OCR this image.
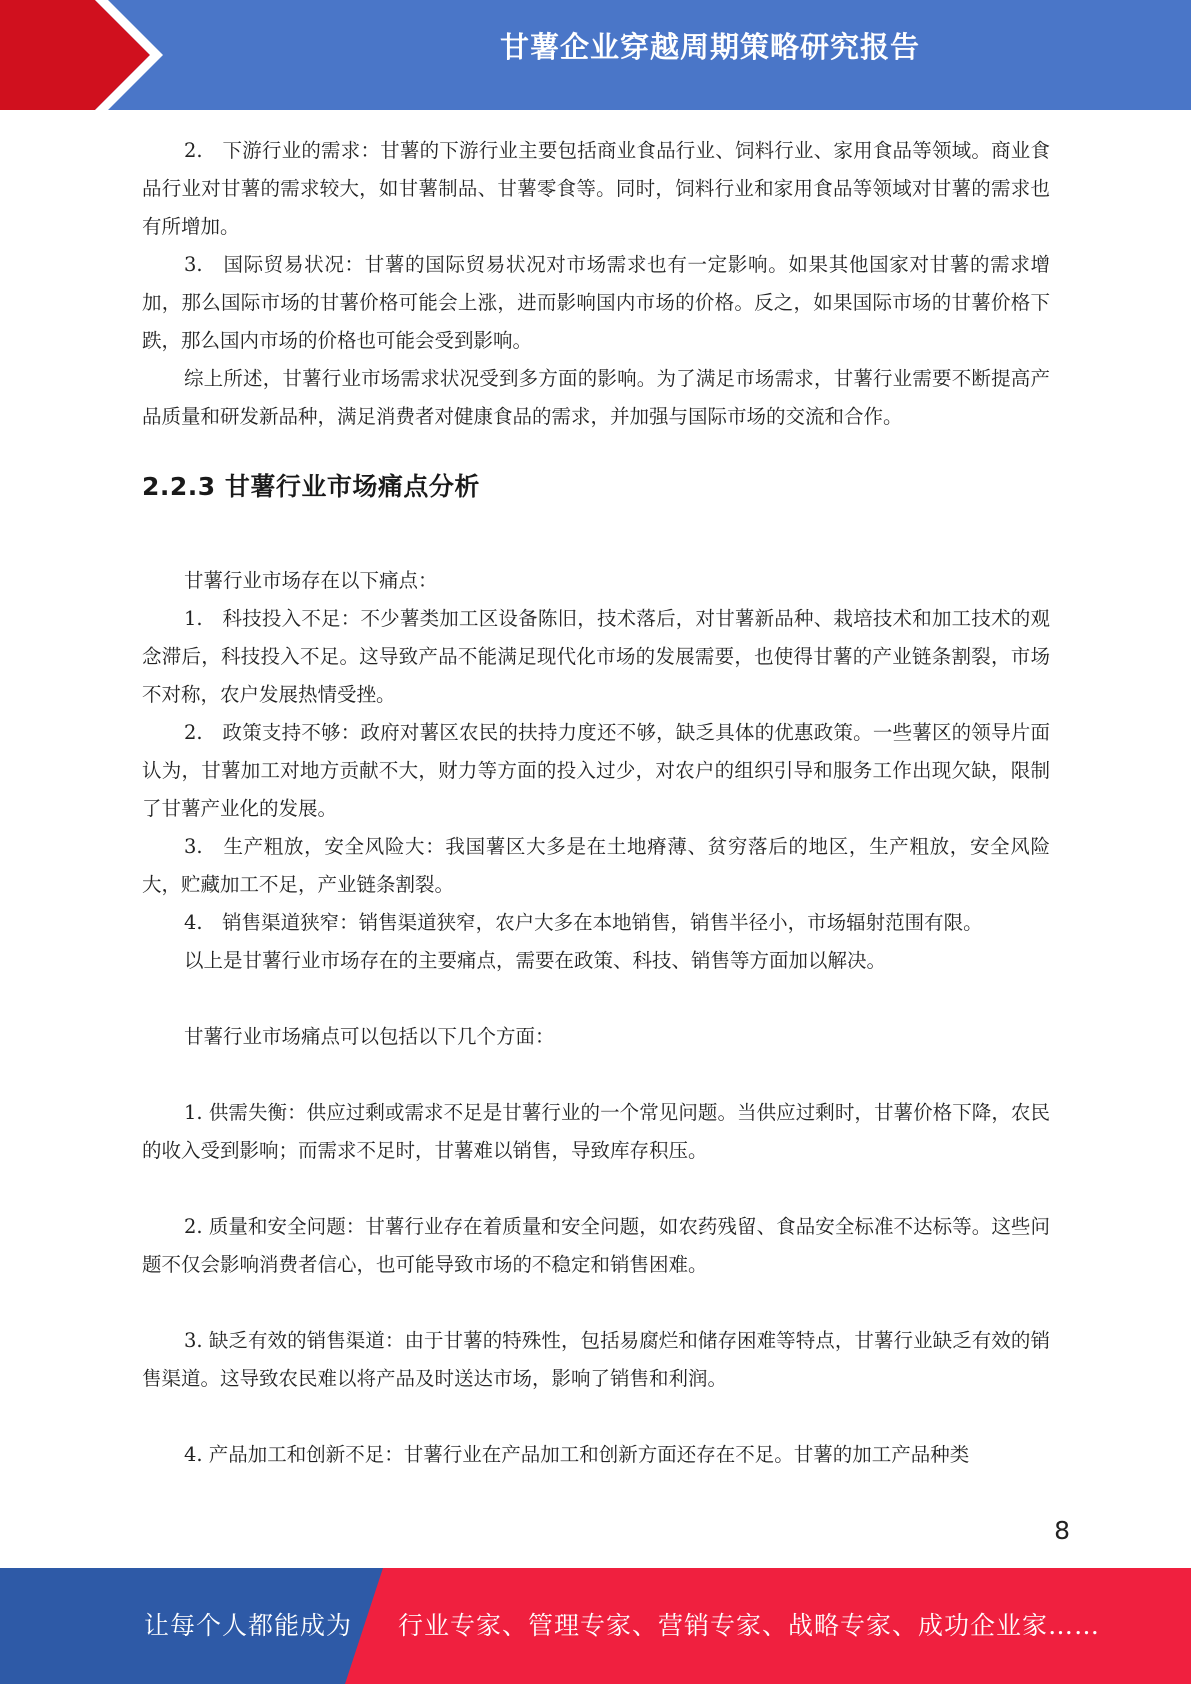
甘薯企业穿越周期策略研究报告

2.　下游行业的需求：甘薯的下游行业主要包括商业食品行业、饲料行业、家用食品等领域。商业食品行业对甘薯的需求较大，如甘薯制品、甘薯零食等。同时，饲料行业和家用食品等领域对甘薯的需求也有所增加。

3.　国际贸易状况：甘薯的国际贸易状况对市场需求也有一定影响。如果其他国家对甘薯的需求增加，那么国际市场的甘薯价格可能会上涨，进而影响国内市场的价格。反之，如果国际市场的甘薯价格下跌，那么国内市场的价格也可能会受到影响。

综上所述，甘薯行业市场需求状况受到多方面的影响。为了满足市场需求，甘薯行业需要不断提高产品质量和研发新品种，满足消费者对健康食品的需求，并加强与国际市场的交流和合作。

2.2.3 甘薯行业市场痛点分析

甘薯行业市场存在以下痛点：

1.　科技投入不足：不少薯类加工区设备陈旧，技术落后，对甘薯新品种、栽培技术和加工技术的观念滞后，科技投入不足。这导致产品不能满足现代化市场的发展需要，也使得甘薯的产业链条割裂，市场不对称，农户发展热情受挫。

2.　政策支持不够：政府对薯区农民的扶持力度还不够，缺乏具体的优惠政策。一些薯区的领导片面认为，甘薯加工对地方贡献不大，财力等方面的投入过少，对农户的组织引导和服务工作出现欠缺，限制了甘薯产业化的发展。

3.　生产粗放，安全风险大：我国薯区大多是在土地瘠薄、贫穷落后的地区，生产粗放，安全风险大，贮藏加工不足，产业链条割裂。

4.　销售渠道狭窄：销售渠道狭窄，农户大多在本地销售，销售半径小，市场辐射范围有限。

以上是甘薯行业市场存在的主要痛点，需要在政策、科技、销售等方面加以解决。

甘薯行业市场痛点可以包括以下几个方面：

1. 供需失衡：供应过剩或需求不足是甘薯行业的一个常见问题。当供应过剩时，甘薯价格下降，农民的收入受到影响；而需求不足时，甘薯难以销售，导致库存积压。

2. 质量和安全问题：甘薯行业存在着质量和安全问题，如农药残留、食品安全标准不达标等。这些问题不仅会影响消费者信心，也可能导致市场的不稳定和销售困难。

3. 缺乏有效的销售渠道：由于甘薯的特殊性，包括易腐烂和储存困难等特点，甘薯行业缺乏有效的销售渠道。这导致农民难以将产品及时送达市场，影响了销售和利润。

4. 产品加工和创新不足：甘薯行业在产品加工和创新方面还存在不足。甘薯的加工产品种类

8
让每个人都能成为 行业专家、管理专家、营销专家、战略专家、成功企业家……
